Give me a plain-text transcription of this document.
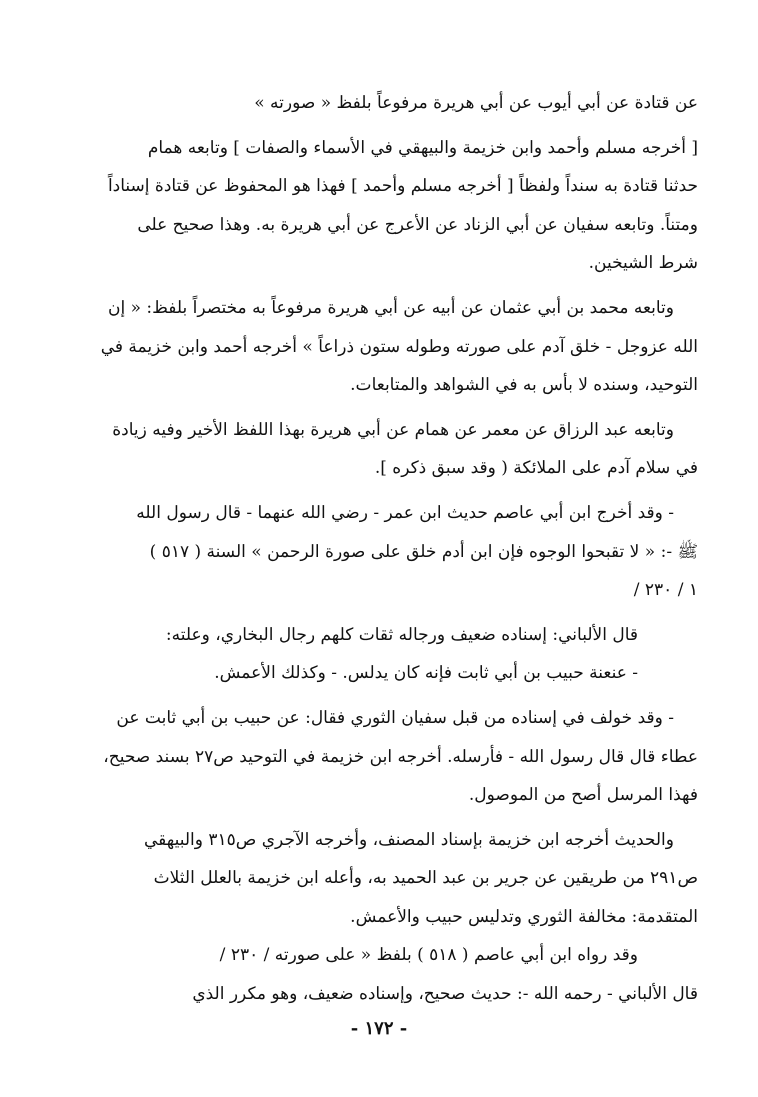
عن قتادة عن أبي أيوب عن أبي هريرة مرفوعاً بلفظ « صورته »
[ أخرجه مسلم وأحمد وابن خزيمة والبيهقي في الأسماء والصفات ] وتابعه همام
حدثنا قتادة به سنداً ولفظاً [ أخرجه مسلم وأحمد ] فهذا هو المحفوظ عن قتادة إسناداً
ومتناً. وتابعه سفيان عن أبي الزناد عن الأعرج عن أبي هريرة به. وهذا صحيح على
شرط الشيخين.
وتابعه محمد بن أبي عثمان عن أبيه عن أبي هريرة مرفوعاً به مختصراً بلفظ: « إن
الله عزوجل - خلق آدم على صورته وطوله ستون ذراعاً » أخرجه أحمد وابن خزيمة في
التوحيد، وسنده لا بأس به في الشواهد والمتابعات.
وتابعه عبد الرزاق عن معمر عن همام عن أبي هريرة بهذا اللفظ الأخير وفيه زيادة
في سلام آدم على الملائكة ( وقد سبق ذكره ].
- وقد أخرج ابن أبي عاصم حديث ابن عمر - رضي الله عنهما - قال رسول الله
ﷺ -: « لا تقبحوا الوجوه فإن ابن أدم خلق على صورة الرحمن » السنة ( ٥١٧ )
١ / ٢٣٠ /
قال الألباني: إسناده ضعيف ورجاله ثقات كلهم رجال البخاري، وعلته:
- عنعنة حبيب بن أبي ثابت فإنه كان يدلس. - وكذلك الأعمش.
- وقد خولف في إسناده من قبل سفيان الثوري فقال: عن حبيب بن أبي ثابت عن
عطاء قال قال رسول الله - فأرسله. أخرجه ابن خزيمة في التوحيد ص٢٧ بسند صحيح،
فهذا المرسل أصح من الموصول.
والحديث أخرجه ابن خزيمة بإسناد المصنف، وأخرجه الآجري ص٣١٥ والبيهقي
ص٢٩١ من طريقين عن جرير بن عبد الحميد به، وأعله ابن خزيمة بالعلل الثلاث
المتقدمة: مخالفة الثوري وتدليس حبيب والأعمش.
وقد رواه ابن أبي عاصم ( ٥١٨ ) بلفظ « على صورته / ٢٣٠ /
قال الألباني - رحمه الله -: حديث صحيح، وإسناده ضعيف، وهو مكرر الذي
- ١٧٢ -
